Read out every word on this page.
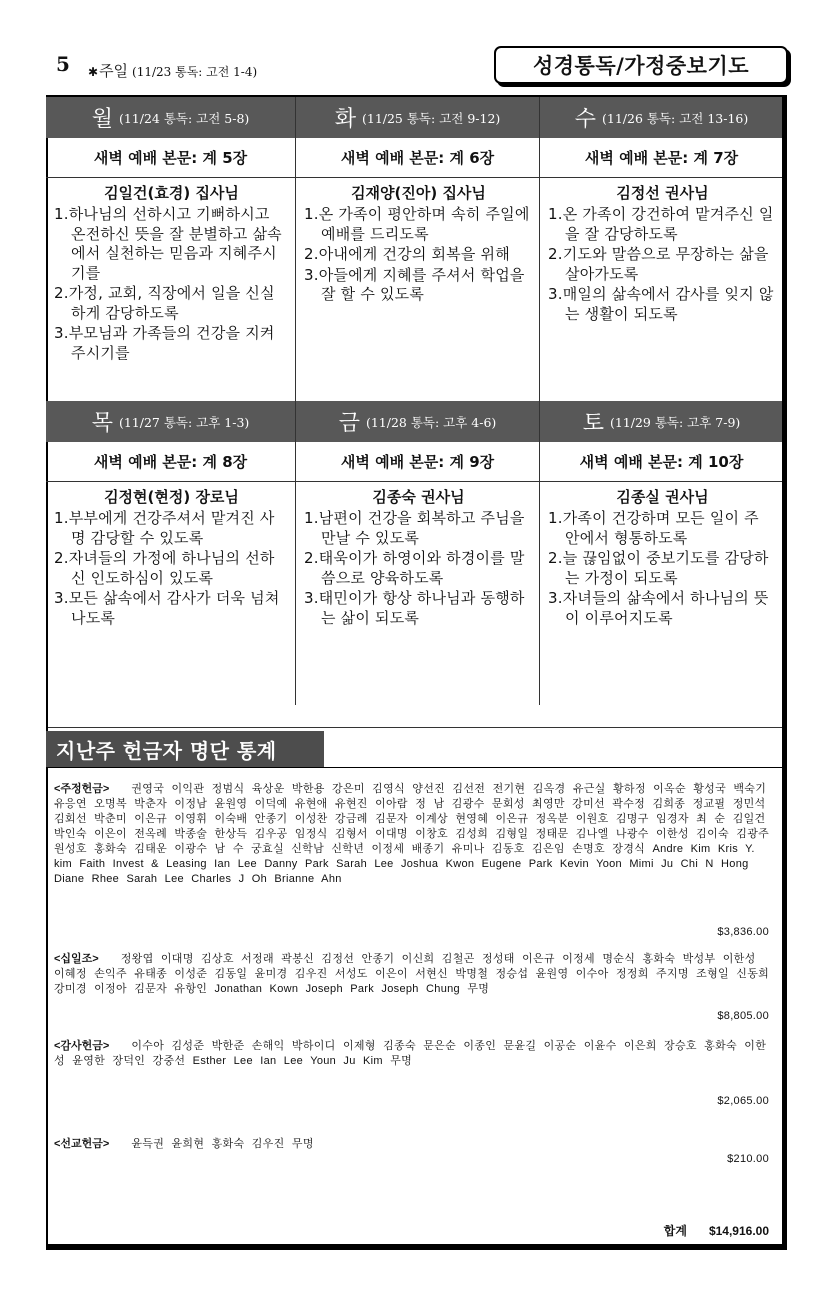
5 ✱주일 (11/23 통독: 고전 1-4)	성경통독/가정중보기도
월 (11/24 통독: 고전 5-8)
새벽 예배 본문: 계 5장
김일건(효경) 집사님
1.하나님의 선하시고 기뻐하시고 온전하신 뜻을 잘 분별하고 삶속에서 실천하는 믿음과 지혜주시기를
2.가정, 교회, 직장에서 일을 신실하게 감당하도록
3.부모님과 가족들의 건강을 지켜주시기를
화 (11/25 통독: 고전 9-12)
새벽 예배 본문: 계 6장
김재양(진아) 집사님
1.온 가족이 평안하며 속히 주일에 예배를 드리도록
2.아내에게 건강의 회복을 위해
3.아들에게 지혜를 주셔서 학업을 잘 할 수 있도록
수 (11/26 통독: 고전 13-16)
새벽 예배 본문: 계 7장
김정선 권사님
1.온 가족이 강건하여 맡겨주신 일을 잘 감당하도록
2.기도와 말씀으로 무장하는 삶을 살아가도록
3.매일의 삶속에서 감사를 잊지 않는 생활이 되도록
목 (11/27 통독: 고후 1-3)
새벽 예배 본문: 계 8장
김정현(현정) 장로님
1.부부에게 건강주셔서 맡겨진 사명 감당할 수 있도록
2.자녀들의 가정에 하나님의 선하신 인도하심이 있도록
3.모든 삶속에서 감사가 더욱 넘쳐 나도록
금 (11/28 통독: 고후 4-6)
새벽 예배 본문: 계 9장
김종숙 권사님
1.남편이 건강을 회복하고 주님을 만날 수 있도록
2.태욱이가 하영이와 하경이를 말씀으로 양육하도록
3.태민이가 항상 하나님과 동행하는 삶이 되도록
토 (11/29 통독: 고후 7-9)
새벽 예배 본문: 계 10장
김종실 권사님
1.가족이 건강하며 모든 일이 주 안에서 형통하도록
2.늘 끊임없이 중보기도를 감당하는 가정이 되도록
3.자녀들의 삶속에서 하나님의 뜻이 이루어지도록
지난주 헌금자 명단 통계
<주정헌금> 권영국 이익관 정범식 육상운 박한용 강은미 김영식 양선진 김선전 전기현 김옥경 유근실 황하정 이옥순 황성국 백숙기 유응연 오명복 박춘자 이정남 윤원영 이덕예 유현애 유현진 이아람 정 남 김광수 문회성 최영만 강미선 곽수정 김희종 정교필 정민석 김회선 박춘미 이은규 이영휘 이숙배 안종기 이성찬 강금례 김문자 이계상 현영혜 이은규 정옥분 이원호 김명구 임경자 최 순 김일건 박인숙 이은이 전옥례 박종술 한상득 김우공 임정식 김형서 이대명 이창호 김성희 김형일 정태문 김나엘 나광수 이한성 김이숙 김광주 원성호 홍화숙 김태운 이광수 남 수 궁효실 신학남 신학년 이정세 배종기 유미나 김동호 김은임 손명호 장경식 Andre Kim Kris Y. kim Faith Invest & Leasing Ian Lee Danny Park Sarah Lee Joshua Kwon Eugene Park Kevin Yoon Mimi Ju Chi N Hong Diane Rhee Sarah Lee Charles J Oh Brianne Ahn
$3,836.00
<십일조> 정왕엽 이대명 김상호 서정래 곽봉신 김정선 안종기 이신희 김철곤 정성태 이은규 이정세 명순식 홍화숙 박성부 이한성 이혜정 손익주 유태종 이성준 김동일 윤미경 김우진 서성도 이은이 서현신 박명철 정승섭 윤원영 이수아 정정희 주지명 조형일 신동희 강미경 이정아 김문자 유항인 Jonathan Kown Joseph Park Joseph Chung 무명
$8,805.00
<감사헌금> 이수아 김성준 박한준 손해익 박하이디 이제형 김종숙 문은순 이종인 문윤길 이공순 이윤수 이은희 장승호 홍화숙 이한성 윤영한 장덕인 강중선 Esther Lee Ian Lee Youn Ju Kim 무명
$2,065.00
<선교헌금> 윤득권 윤희현 홍화숙 김우진 무명
$210.00
합계 $14,916.00
